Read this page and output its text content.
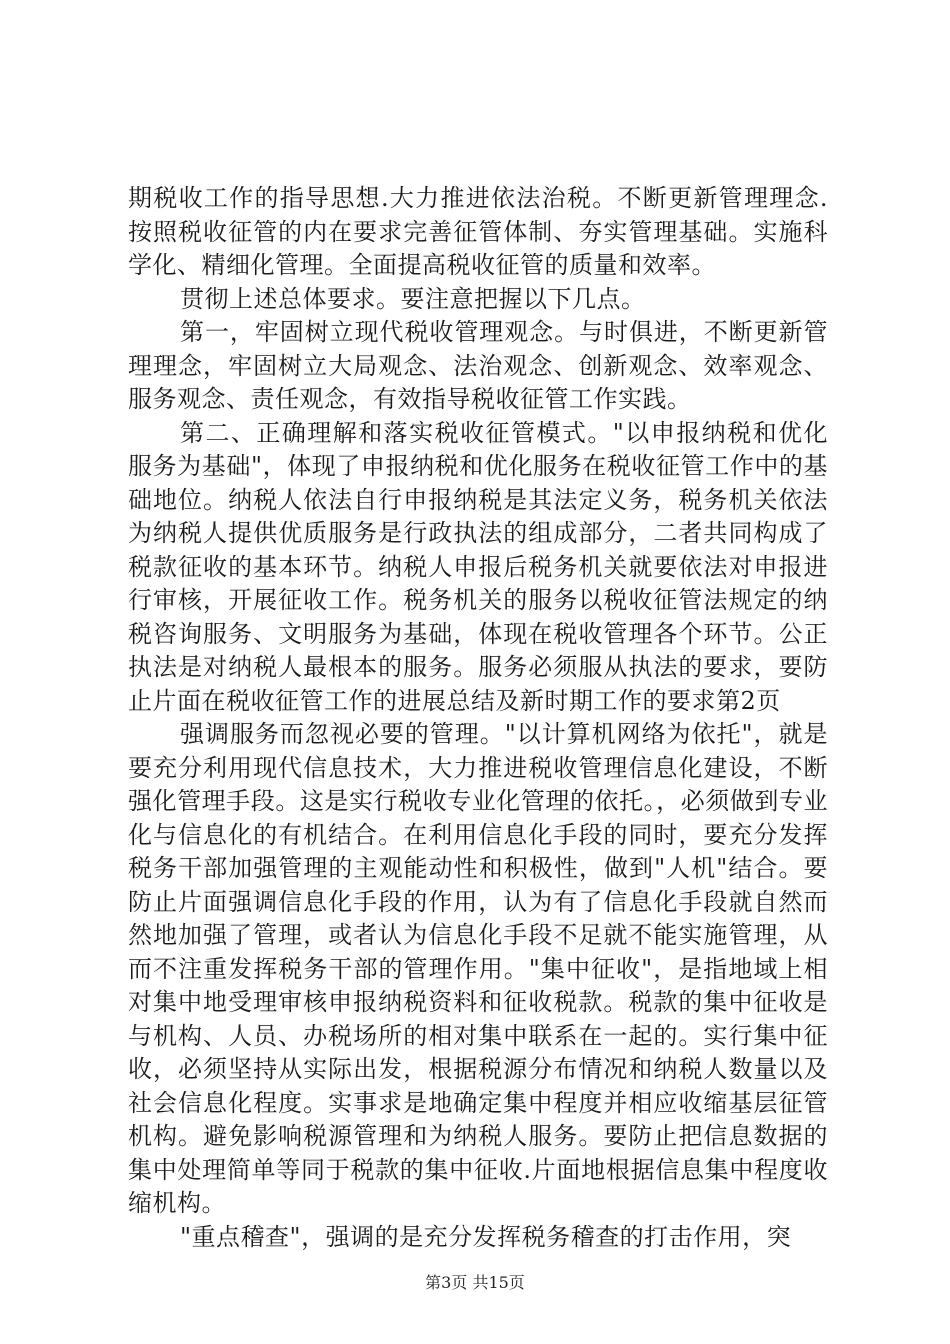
期税收工作的指导思想.大力推进依法治税。不断更新管理理念.按照税收征管的内在要求完善征管体制、夯实管理基础。实施科学化、精细化管理。全面提高税收征管的质量和效率。

贯彻上述总体要求。要注意把握以下几点。

第一，牢固树立现代税收管理观念。与时俱进，不断更新管理理念，牢固树立大局观念、法治观念、创新观念、效率观念、服务观念、责任观念，有效指导税收征管工作实践。

第二、正确理解和落实税收征管模式。"以申报纳税和优化服务为基础"，体现了申报纳税和优化服务在税收征管工作中的基础地位。纳税人依法自行申报纳税是其法定义务，税务机关依法为纳税人提供优质服务是行政执法的组成部分，二者共同构成了税款征收的基本环节。纳税人申报后税务机关就要依法对申报进行审核，开展征收工作。税务机关的服务以税收征管法规定的纳税咨询服务、文明服务为基础，体现在税收管理各个环节。公正执法是对纳税人最根本的服务。服务必须服从执法的要求，要防止片面在税收征管工作的进展总结及新时期工作的要求第2页

强调服务而忽视必要的管理。"以计算机网络为依托"，就是要充分利用现代信息技术，大力推进税收管理信息化建设，不断强化管理手段。这是实行税收专业化管理的依托。，必须做到专业化与信息化的有机结合。在利用信息化手段的同时，要充分发挥税务干部加强管理的主观能动性和积极性，做到"人机"结合。要防止片面强调信息化手段的作用，认为有了信息化手段就自然而然地加强了管理，或者认为信息化手段不足就不能实施管理，从而不注重发挥税务干部的管理作用。"集中征收"，是指地域上相对集中地受理审核申报纳税资料和征收税款。税款的集中征收是与机构、人员、办税场所的相对集中联系在一起的。实行集中征收，必须坚持从实际出发，根据税源分布情况和纳税人数量以及社会信息化程度。实事求是地确定集中程度并相应收缩基层征管机构。避免影响税源管理和为纳税人服务。要防止把信息数据的集中处理简单等同于税款的集中征收.片面地根据信息集中程度收缩机构。

"重点稽查"，强调的是充分发挥税务稽查的打击作用，突

第3页 共15页
